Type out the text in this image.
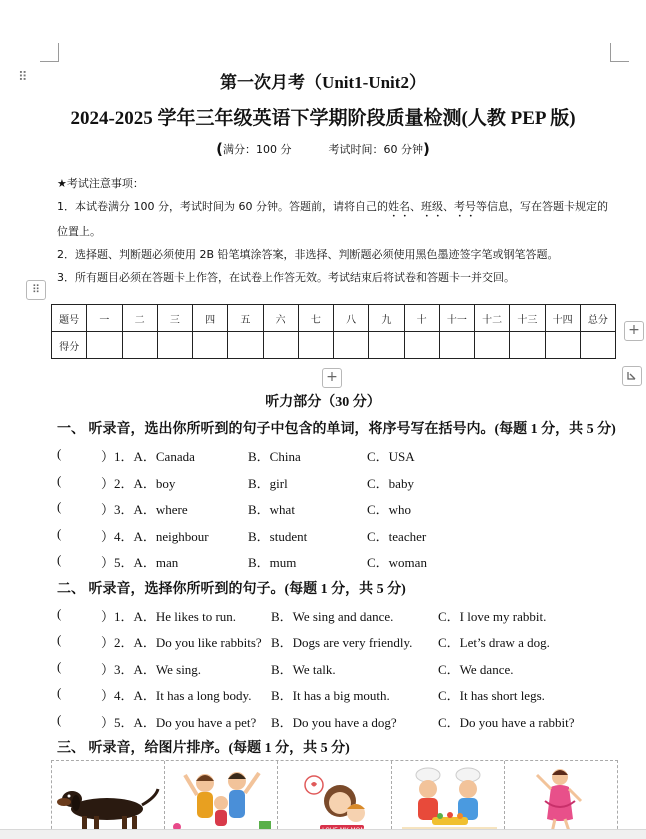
⠿
⠿
+
+
第一次月考（Unit1-Unit2）
2024-2025 学年三年级英语下学期阶段质量检测(人教 PEP 版)
(满分：100 分	考试时间：60 分钟)
★考试注意事项：
1．本试卷满分 100 分，考试时间为 60 分钟。答题前，请将自己的姓名、班级、考号等信息，写在答题卡规定的位置上。
2．选择题、判断题必须使用 2B 铅笔填涂答案，非选择、判断题必须使用黑色墨迹签字笔或钢笔答题。
3．所有题目必须在答题卡上作答，在试卷上作答无效。考试结束后将试卷和答题卡一并交回。
题号	一	二	三	四	五	六	七	八	九	十	十一	十二	十三	十四	总分
得分															
听力部分（30 分）
一、 听录音，选出你所听到的句子中包含的单词，将序号写在括号内。(每题 1 分，共 5 分)
(	）1．A．Canada	B．China	C．USA
(	）2．A．boy	B．girl	C．baby
(	）3．A．where	B．what	C．who
(	）4．A．neighbour	B．student	C．teacher
(	）5．A．man	B．mum	C．woman
二、 听录音，选择你所听到的句子。(每题 1 分，共 5 分)
(	）1．A．He likes to run.	B．We sing and dance.	C．I love my rabbit.
(	）2．A．Do you like rabbits? B．Dogs are very friendly. C．Let’s draw a dog.
(	）3．A．We sing.	B．We talk.	C．We dance.
(	）4．A．It has a long body. B．It has a big mouth.	C．It has short legs.
(	）5．A．Do you have a pet? B．Do you have a dog?	C．Do you have a rabbit?
三、 听录音，给图片排序。(每题 1 分，共 5 分)
